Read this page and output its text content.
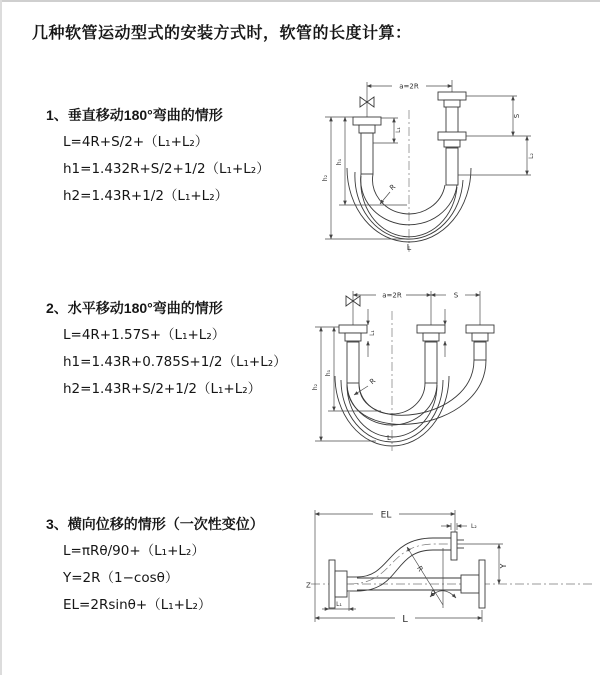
几种软管运动型式的安装方式时，软管的长度计算：
1、垂直移动180°弯曲的情形
L=4R+S/2+（L₁+L₂）
h1=1.432R+S/2+1/2（L₁+L₂）
h2=1.43R+1/2（L₁+L₂）
2、水平移动180°弯曲的情形
L=4R+1.57S+（L₁+L₂）
h1=1.43R+0.785S+1/2（L₁+L₂）
h2=1.43R+S/2+1/2（L₁+L₂）
3、横向位移的情形（一次性变位）
L=πRθ/90+（L₁+L₂）
Y=2R（1−cosθ）
EL=2Rsinθ+（L₁+L₂）
a=2R
S
L₂
L₁
h₁
h₂
R
L
a=2R	S
L₁
h₁
h₂
R
L
Z
EL
L₂
Y
R
θ
L₁
L
